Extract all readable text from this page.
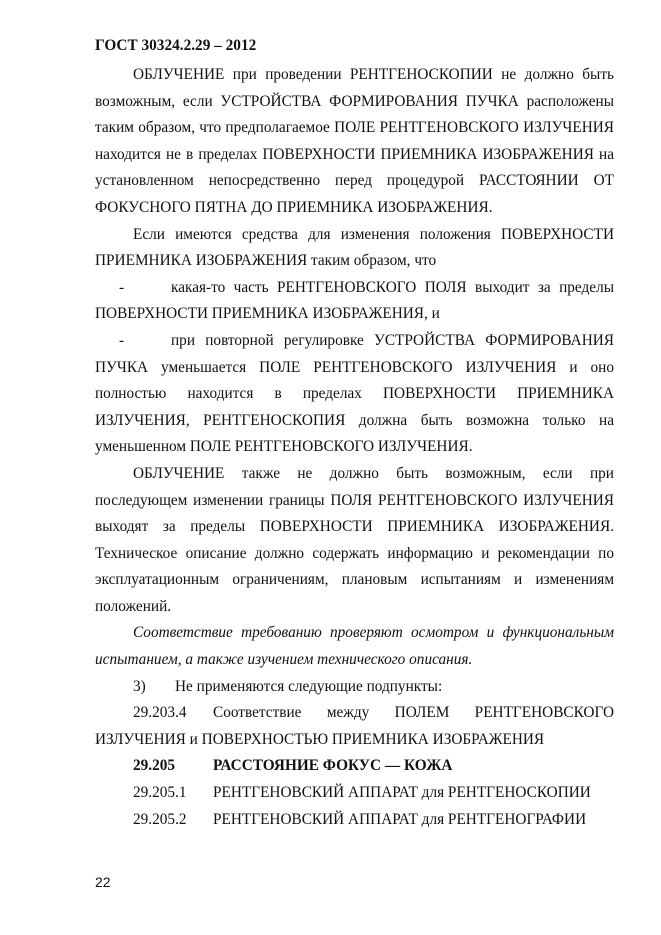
ГОСТ 30324.2.29 – 2012

ОБЛУЧЕНИЕ при проведении РЕНТГЕНОСКОПИИ не должно быть возможным, если УСТРОЙСТВА ФОРМИРОВАНИЯ ПУЧКА расположены таким образом, что предполагаемое ПОЛЕ РЕНТГЕНОВСКОГО ИЗЛУЧЕНИЯ находится не в пределах ПОВЕРХНОСТИ ПРИЕМНИКА ИЗОБРАЖЕНИЯ на установленном непосредственно перед процедурой РАССТОЯНИИ ОТ ФОКУСНОГО ПЯТНА ДО ПРИЕМНИКА ИЗОБРАЖЕНИЯ.

Если имеются средства для изменения положения ПОВЕРХНОСТИ ПРИЕМНИКА ИЗОБРАЖЕНИЯ таким образом, что

-	какая-то часть РЕНТГЕНОВСКОГО ПОЛЯ выходит за пределы ПОВЕРХНОСТИ ПРИЕМНИКА ИЗОБРАЖЕНИЯ, и

-	при повторной регулировке УСТРОЙСТВА ФОРМИРОВАНИЯ ПУЧКА уменьшается ПОЛЕ РЕНТГЕНОВСКОГО ИЗЛУЧЕНИЯ и оно полностью находится в пределах ПОВЕРХНОСТИ ПРИЕМНИКА ИЗЛУЧЕНИЯ, РЕНТГЕНОСКОПИЯ должна быть возможна только на уменьшенном ПОЛЕ РЕНТГЕНОВСКОГО ИЗЛУЧЕНИЯ.

ОБЛУЧЕНИЕ также не должно быть возможным, если при последующем изменении границы ПОЛЯ РЕНТГЕНОВСКОГО ИЗЛУЧЕНИЯ выходят за пределы ПОВЕРХНОСТИ ПРИЕМНИКА ИЗОБРАЖЕНИЯ. Техническое описание должно содержать информацию и рекомендации по эксплуатационным ограничениям, плановым испытаниям и изменениям положений.

Соответствие требованию проверяют осмотром и функциональным испытанием, а также изучением технического описания.

3) Не применяются следующие подпункты:

29.203.4 Соответствие между ПОЛЕМ РЕНТГЕНОВСКОГО ИЗЛУЧЕНИЯ и ПОВЕРХНОСТЬЮ ПРИЕМНИКА ИЗОБРАЖЕНИЯ

29.205	РАССТОЯНИЕ ФОКУС — КОЖА
29.205.1	РЕНТГЕНОВСКИЙ АППАРАТ для РЕНТГЕНОСКОПИИ
29.205.2	РЕНТГЕНОВСКИЙ АППАРАТ для РЕНТГЕНОГРАФИИ
22
